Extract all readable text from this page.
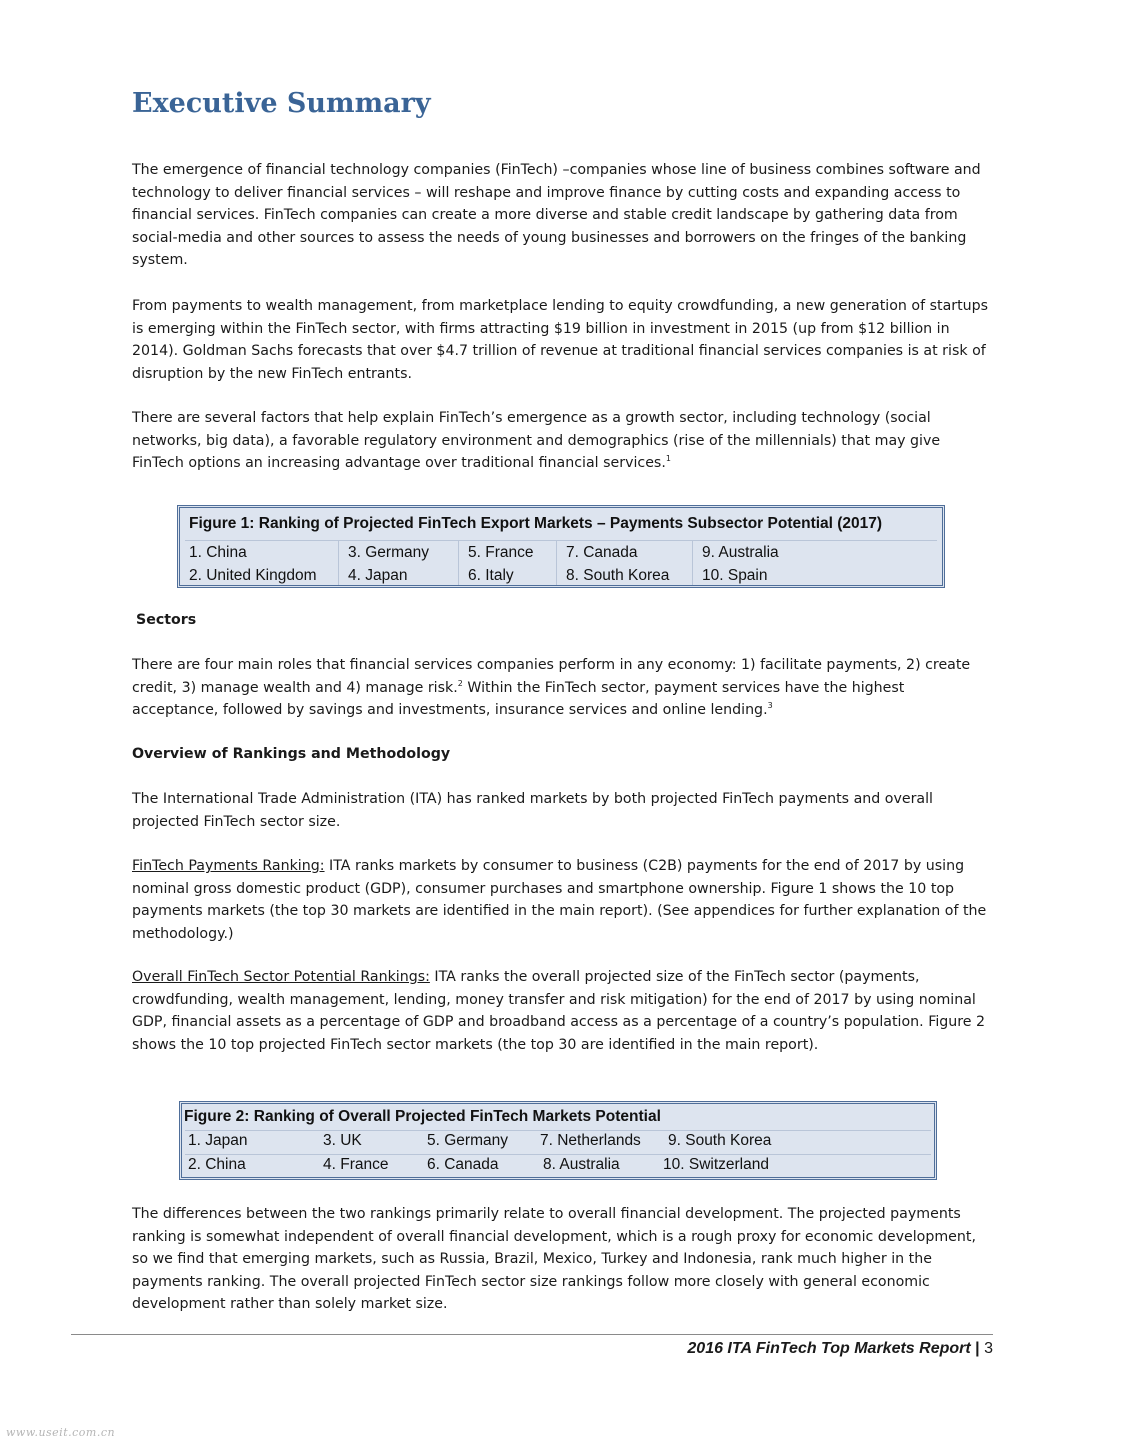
Executive Summary

The emergence of financial technology companies (FinTech) –companies whose line of business combines software and technology to deliver financial services – will reshape and improve finance by cutting costs and expanding access to financial services. FinTech companies can create a more diverse and stable credit landscape by gathering data from social-media and other sources to assess the needs of young businesses and borrowers on the fringes of the banking system.

From payments to wealth management, from marketplace lending to equity crowdfunding, a new generation of startups is emerging within the FinTech sector, with firms attracting $19 billion in investment in 2015 (up from $12 billion in 2014). Goldman Sachs forecasts that over $4.7 trillion of revenue at traditional financial services companies is at risk of disruption by the new FinTech entrants.

There are several factors that help explain FinTech’s emergence as a growth sector, including technology (social networks, big data), a favorable regulatory environment and demographics (rise of the millennials) that may give FinTech options an increasing advantage over traditional financial services.$^1$

Figure 1: Ranking of Projected FinTech Export Markets – Payments Subsector Potential (2017)
1. China	3. Germany	5. France 7. Canada	9. Australia
2. United Kingdom 4. Japan	6. Italy	8. South Korea 10. Spain
Sectors

There are four main roles that financial services companies perform in any economy: 1) facilitate payments, 2) create credit, 3) manage wealth and 4) manage risk.$^2$ Within the FinTech sector, payment services have the highest acceptance, followed by savings and investments, insurance services and online lending.$^3$

Overview of Rankings and Methodology

The International Trade Administration (ITA) has ranked markets by both projected FinTech payments and overall projected FinTech sector size.

FinTech Payments Ranking: ITA ranks markets by consumer to business (C2B) payments for the end of 2017 by using nominal gross domestic product (GDP), consumer purchases and smartphone ownership. Figure 1 shows the 10 top payments markets (the top 30 markets are identified in the main report). (See appendices for further explanation of the methodology.)

Overall FinTech Sector Potential Rankings: ITA ranks the overall projected size of the FinTech sector (payments, crowdfunding, wealth management, lending, money transfer and risk mitigation) for the end of 2017 by using nominal GDP, financial assets as a percentage of GDP and broadband access as a percentage of a country’s population. Figure 2 shows the 10 top projected FinTech sector markets (the top 30 are identified in the main report).

Figure 2: Ranking of Overall Projected FinTech Markets Potential
1. Japan	3. UK	5. Germany 7. Netherlands 9. South Korea
2. China	4. France 6. Canada	8. Australia	10. Switzerland

The differences between the two rankings primarily relate to overall financial development. The projected payments ranking is somewhat independent of overall financial development, which is a rough proxy for economic development, so we find that emerging markets, such as Russia, Brazil, Mexico, Turkey and Indonesia, rank much higher in the payments ranking. The overall projected FinTech sector size rankings follow more closely with general economic development rather than solely market size.

2016 ITA FinTech Top Markets Report | 3
www.useit.com.cn
